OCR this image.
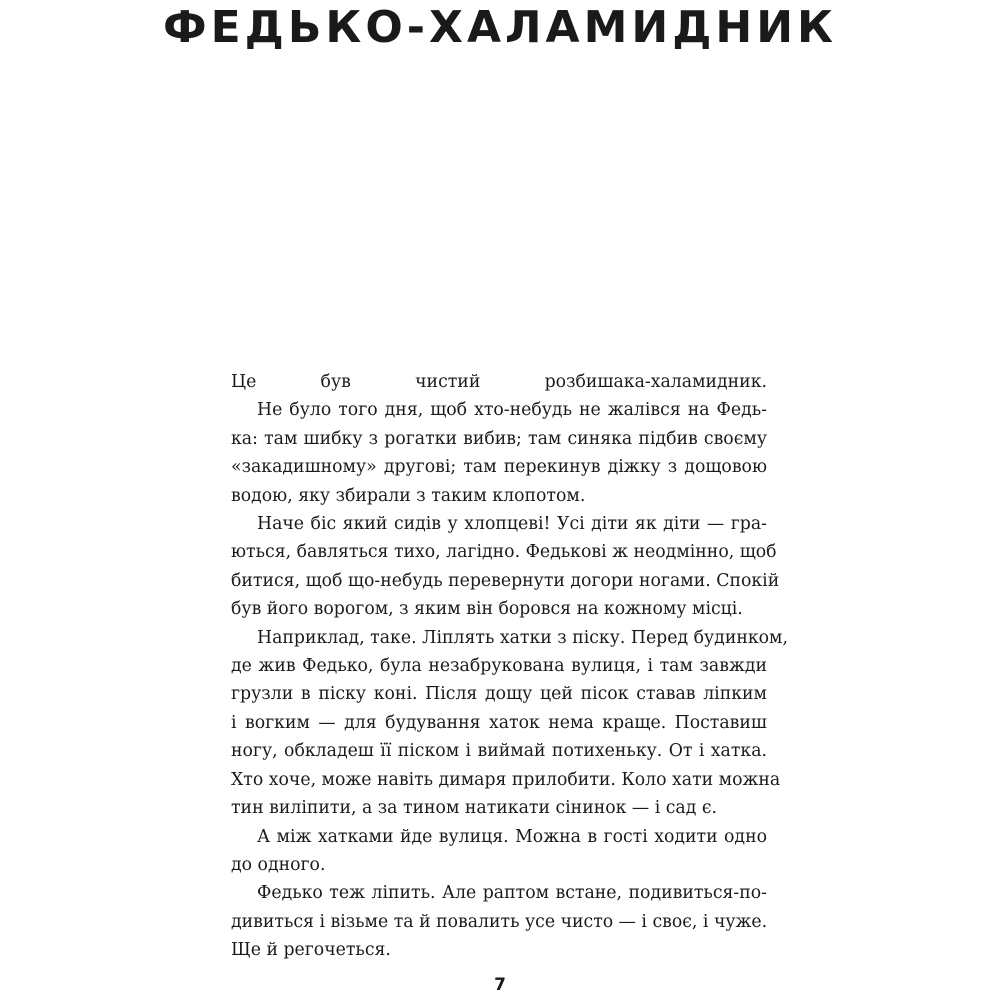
ФЕДЬКО-ХАЛАМИДНИК
Це був чистий розбишака-халамидник.
Не було того дня, щоб хто-небудь не жалівся на Федь-
ка: там шибку з рогатки вибив; там синяка підбив своєму
«закадишному» другові; там перекинув діжку з дощовою
водою, яку збирали з таким клопотом.
Наче біс який сидів у хлопцеві! Усі діти як діти — гра-
ються, бавляться тихо, лагідно. Федькові ж неодмінно, щоб
битися, щоб що-небудь перевернути догори ногами. Спокій
був його ворогом, з яким він боровся на кожному місці.
Наприклад, таке. Ліплять хатки з піску. Перед будинком,
де жив Федько, була незабрукована вулиця, і там завжди
грузли в піску коні. Після дощу цей пісок ставав ліпким
і вогким — для будування хаток нема краще. Поставиш
ногу, обкладеш її піском і виймай потихеньку. От і хатка.
Хто хоче, може навіть димаря прилобити. Коло хати можна
тин виліпити, а за тином натикати сінинок — і сад є.
А між хатками йде вулиця. Можна в гості ходити одно
до одного.
Федько теж ліпить. Але раптом встане, подивиться-по-
дивиться і візьме та й повалить усе чисто — і своє, і чуже.
Ще й регочеться.
7
